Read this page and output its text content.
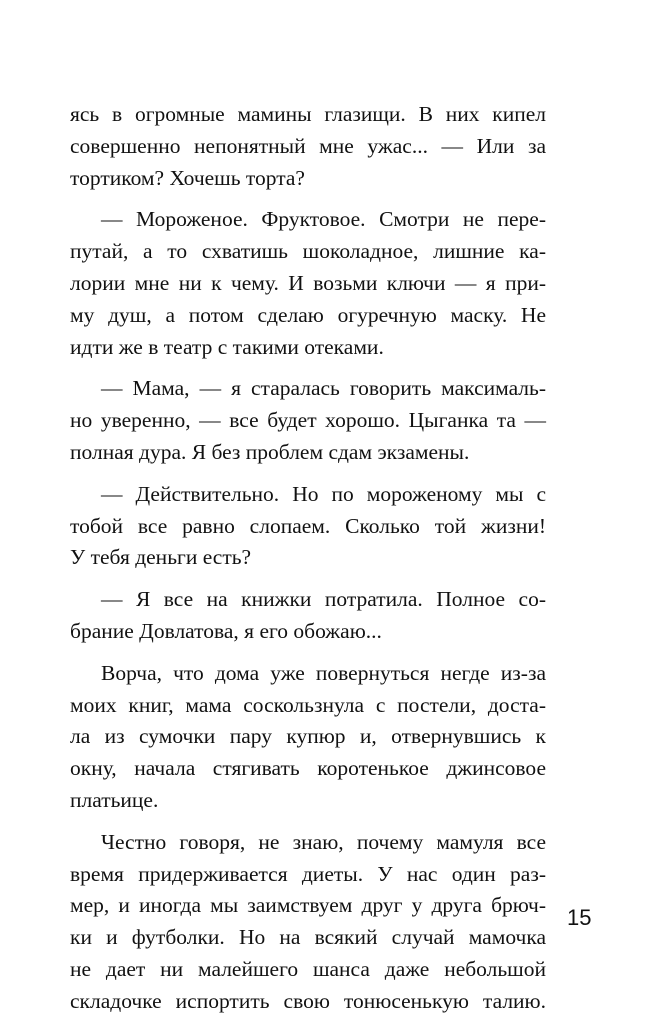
ясь в огромные мамины глазищи. В них кипел
совершенно непонятный мне ужас... — Или за
тортиком? Хочешь торта?

— Мороженое. Фруктовое. Смотри не пере-
путай, а то схватишь шоколадное, лишние ка-
лории мне ни к чему. И возьми ключи — я при-
му душ, а потом сделаю огуречную маску. Не
идти же в театр с такими отеками.

— Мама, — я старалась говорить максималь-
но уверенно, — все будет хорошо. Цыганка та —
полная дура. Я без проблем сдам экзамены.

— Действительно. Но по мороженому мы с
тобой все равно слопаем. Сколько той жизни!
У тебя деньги есть?

— Я все на книжки потратила. Полное со-
брание Довлатова, я его обожаю...

Ворча, что дома уже повернуться негде из-за
моих книг, мама соскользнула с постели, доста-
ла из сумочки пару купюр и, отвернувшись к
окну, начала стягивать коротенькое джинсовое
платьице.

Честно говоря, не знаю, почему мамуля все
время придерживается диеты. У нас один раз-
мер, и иногда мы заимствуем друг у друга брюч-
ки и футболки. Но на всякий случай мамочка
не дает ни малейшего шанса даже небольшой
складочке испортить свою тонюсенькую талию.

15
